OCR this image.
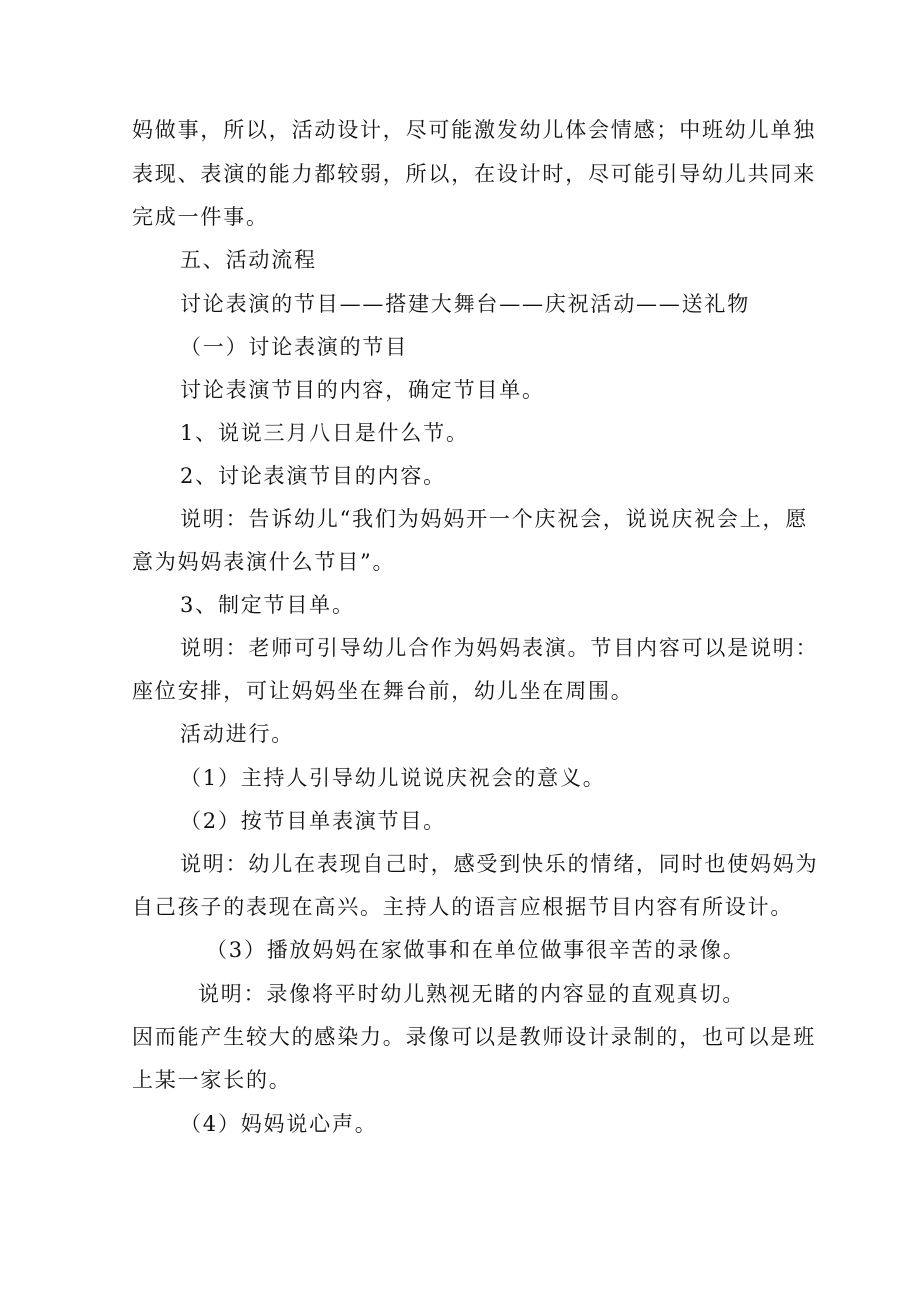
妈做事，所以，活动设计，尽可能激发幼儿体会情感；中班幼儿单独
表现、表演的能力都较弱，所以，在设计时，尽可能引导幼儿共同来
完成一件事。
五、活动流程
讨论表演的节目——搭建大舞台——庆祝活动——送礼物
（一）讨论表演的节目
讨论表演节目的内容，确定节目单。
1、说说三月八日是什么节。
2、讨论表演节目的内容。
说明：告诉幼儿“我们为妈妈开一个庆祝会，说说庆祝会上，愿
意为妈妈表演什么节目”。
3、制定节目单。
说明：老师可引导幼儿合作为妈妈表演。节目内容可以是说明：
座位安排，可让妈妈坐在舞台前，幼儿坐在周围。
活动进行。
（1）主持人引导幼儿说说庆祝会的意义。
（2）按节目单表演节目。
说明：幼儿在表现自己时，感受到快乐的情绪，同时也使妈妈为
自己孩子的表现在高兴。主持人的语言应根据节目内容有所设计。
（3）播放妈妈在家做事和在单位做事很辛苦的录像。
说明：录像将平时幼儿熟视无睹的内容显的直观真切。
因而能产生较大的感染力。录像可以是教师设计录制的，也可以是班
上某一家长的。
（4）妈妈说心声。
